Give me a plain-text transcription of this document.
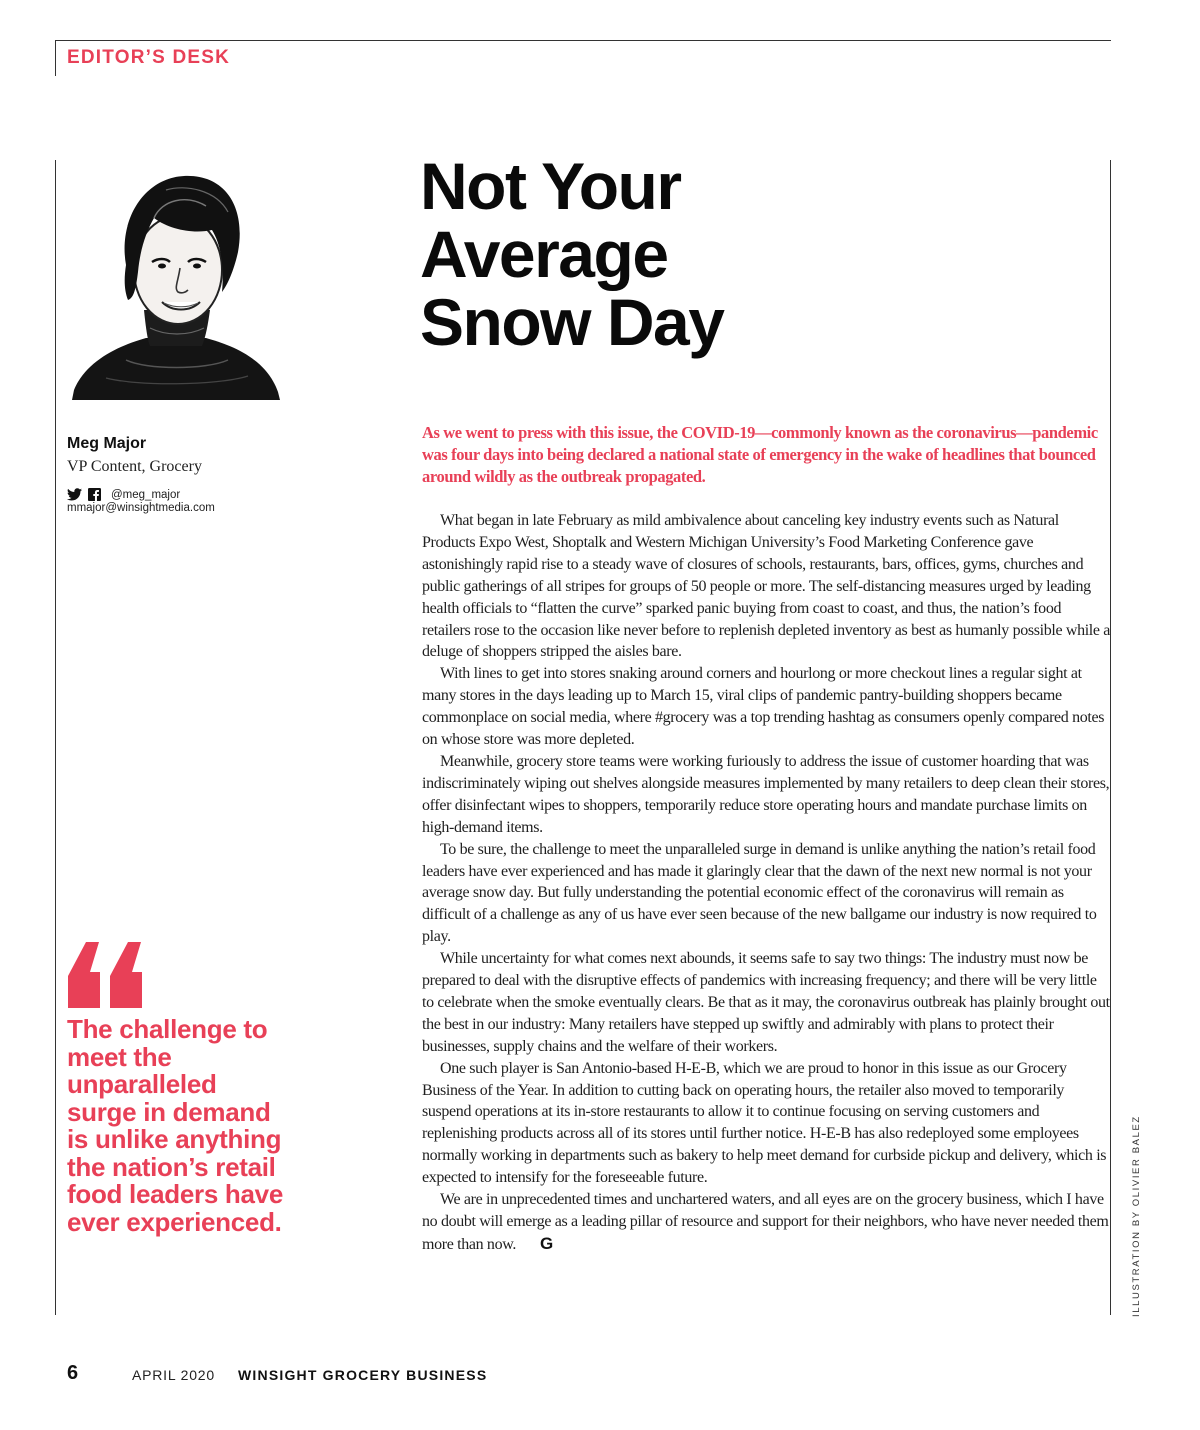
EDITOR’S DESK
Meg Major
VP Content, Grocery
@meg_major
mmajor@winsightmedia.com

The challenge to meet the unparalleled surge in demand is unlike anything the nation’s retail food leaders have ever experienced.

Not Your
Average
Snow Day

As we went to press with this issue, the COVID-19—commonly known as the coronavirus—pandemic was four days into being declared a national state of emergency in the wake of headlines that bounced around wildly as the outbreak propagated.

What began in late February as mild ambivalence about canceling key industry events such as Natural Products Expo West, Shoptalk and Western Michigan University’s Food Marketing Conference gave astonishingly rapid rise to a steady wave of closures of schools, restaurants, bars, offices, gyms, churches and public gatherings of all stripes for groups of 50 people or more. The self-distancing measures urged by leading health officials to “flatten the curve” sparked panic buying from coast to coast, and thus, the nation’s food retailers rose to the occasion like never before to replenish depleted inventory as best as humanly possible while a deluge of shoppers stripped the aisles bare.

With lines to get into stores snaking around corners and hourlong or more checkout lines a regular sight at many stores in the days leading up to March 15, viral clips of pandemic pantry-building shoppers became commonplace on social media, where #grocery was a top trending hashtag as consumers openly compared notes on whose store was more depleted.

Meanwhile, grocery store teams were working furiously to address the issue of customer hoarding that was indiscriminately wiping out shelves alongside measures implemented by many retailers to deep clean their stores, offer disinfectant wipes to shoppers, temporarily reduce store operating hours and mandate purchase limits on high-demand items.

To be sure, the challenge to meet the unparalleled surge in demand is unlike anything the nation’s retail food leaders have ever experienced and has made it glaringly clear that the dawn of the next new normal is not your average snow day. But fully understanding the potential economic effect of the coronavirus will remain as difficult of a challenge as any of us have ever seen because of the new ballgame our industry is now required to play.

While uncertainty for what comes next abounds, it seems safe to say two things: The industry must now be prepared to deal with the disruptive effects of pandemics with increasing frequency; and there will be very little to celebrate when the smoke eventually clears. Be that as it may, the coronavirus outbreak has plainly brought out the best in our industry: Many retailers have stepped up swiftly and admirably with plans to protect their businesses, supply chains and the welfare of their workers.

One such player is San Antonio-based H-E-B, which we are proud to honor in this issue as our Grocery Business of the Year. In addition to cutting back on operating hours, the retailer also moved to temporarily suspend operations at its in-store restaurants to allow it to continue focusing on serving customers and replenishing products across all of its stores until further notice. H-E-B has also redeployed some employees normally working in departments such as bakery to help meet demand for curbside pickup and delivery, which is expected to intensify for the foreseeable future.

We are in unprecedented times and unchartered waters, and all eyes are on the grocery business, which I have no doubt will emerge as a leading pillar of resource and support for their neighbors, who have never needed them more than now. G	ILLUSTRATION BY OLIVIER BALEZ
6	APRIL 2020 WINSIGHT GROCERY BUSINESS
